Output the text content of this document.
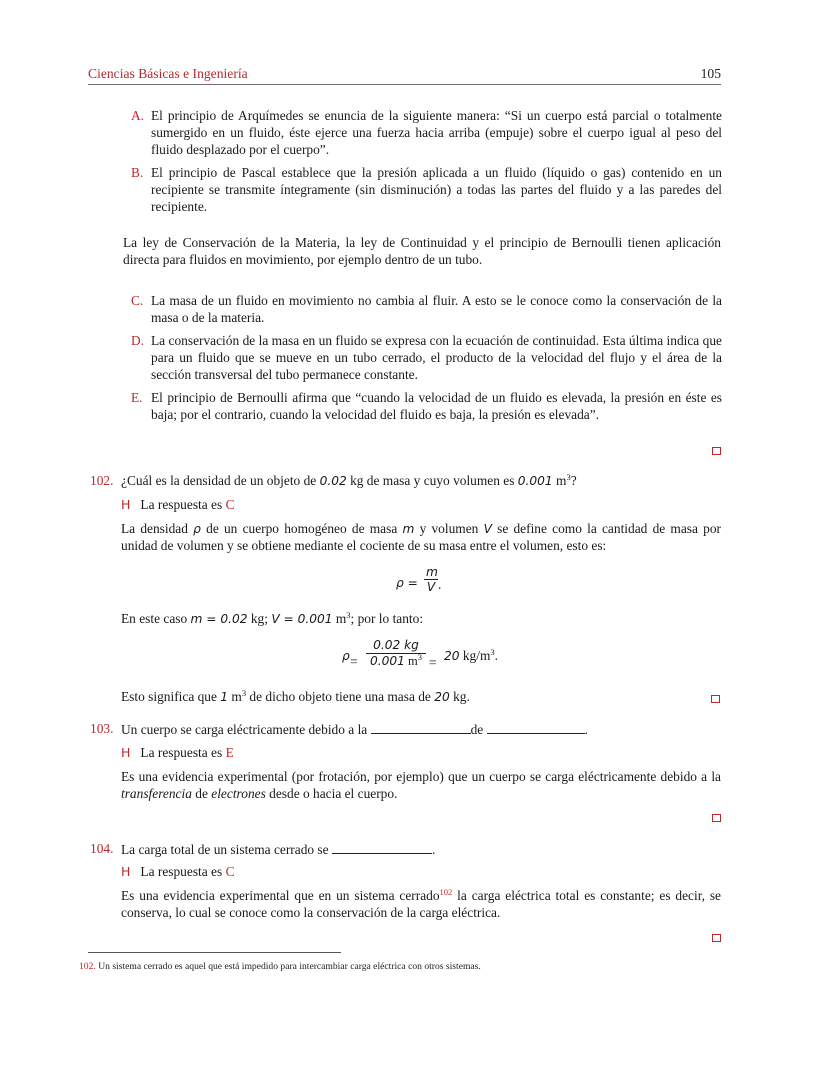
Ciencias Básicas e Ingeniería	105
A. El principio de Arquímedes se enuncia de la siguiente manera: “Si un cuerpo está parcial o totalmente sumergido en un fluido, éste ejerce una fuerza hacia arriba (empuje) sobre el cuerpo igual al peso del fluido desplazado por el cuerpo”.
B. El principio de Pascal establece que la presión aplicada a un fluido (líquido o gas) contenido en un recipiente se transmite íntegramente (sin disminución) a todas las partes del fluido y a las paredes del recipiente.
La ley de Conservación de la Materia, la ley de Continuidad y el principio de Bernoulli tienen aplicación directa para fluidos en movimiento, por ejemplo dentro de un tubo.
C. La masa de un fluido en movimiento no cambia al fluir. A esto se le conoce como la conservación de la masa o de la materia.
D. La conservación de la masa en un fluido se expresa con la ecuación de continuidad. Esta última indica que para un fluido que se mueve en un tubo cerrado, el producto de la velocidad del flujo y el área de la sección transversal del tubo permanece constante.
E. El principio de Bernoulli afirma que “cuando la velocidad de un fluido es elevada, la presión en éste es baja; por el contrario, cuando la velocidad del fluido es baja, la presión es elevada”.
102. ¿Cuál es la densidad de un objeto de 0.02 kg de masa y cuyo volumen es 0.001 $m^3$?
H La respuesta es C
La densidad ρ de un cuerpo homogéneo de masa m y volumen V se define como la cantidad de masa por unidad de volumen y se obtiene mediante el cociente de su masa entre el volumen, esto es:
ρ =
m
V .
En este caso m = 0.02 kg; V = 0.001 $m^3$; por lo tanto:
ρ =
0.02 kg
0.001 $m^3 = 20$ $kg/m^3$.
Esto significa que 1 $m^3$ de dicho objeto tiene una masa de 20 kg.
103. Un cuerpo se carga eléctricamente debido a la	de	.
H La respuesta es E
Es una evidencia experimental (por frotación, por ejemplo) que un cuerpo se carga eléctricamente debido a la transferencia de electrones desde o hacia el cuerpo.
104. La carga total de un sistema cerrado se	.
H La respuesta es C
Es una evidencia experimental que en un sistema cerrado$^{102}$ la carga eléctrica total es constante; es decir, se conserva, lo cual se conoce como la conservación de la carga eléctrica.
102. Un sistema cerrado es aquel que está impedido para intercambiar carga eléctrica con otros sistemas.
